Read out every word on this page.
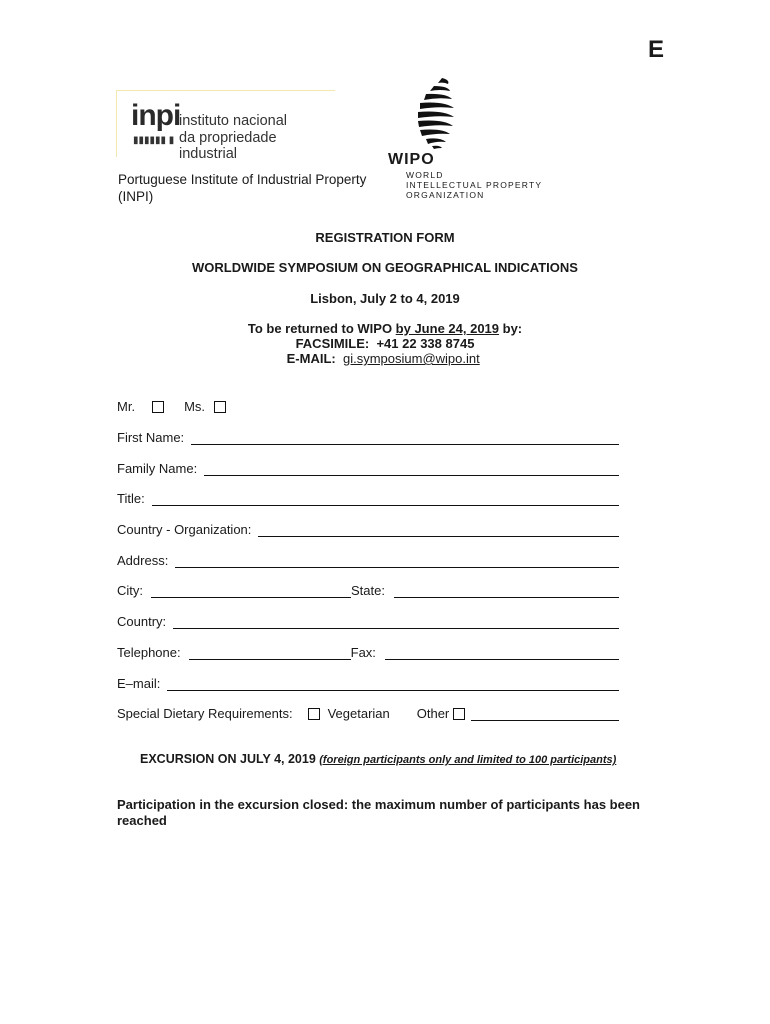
E
inpi
▮▮▮▮▮▮ ▮
instituto nacional
da propriedade industrial
Portuguese Institute of Industrial Property (INPI)
WIPO
WORLD
INTELLECTUAL PROPERTY
ORGANIZATION
REGISTRATION FORM
WORLDWIDE SYMPOSIUM ON GEOGRAPHICAL INDICATIONS
Lisbon, July 2 to 4, 2019
To be returned to WIPO by June 24, 2019 by:
FACSIMILE: +41 22 338 8745
E-MAIL: gi.symposium@wipo.int
Mr.	Ms.
First Name:
Family Name:
Title:
Country - Organization:
Address:
City:	State:
Country:
Telephone:	Fax:
E–mail:
Special Dietary Requirements:	Vegetarian Other
EXCURSION ON JULY 4, 2019 (foreign participants only and limited to 100 participants)
Participation in the excursion closed: the maximum number of participants has been reached
